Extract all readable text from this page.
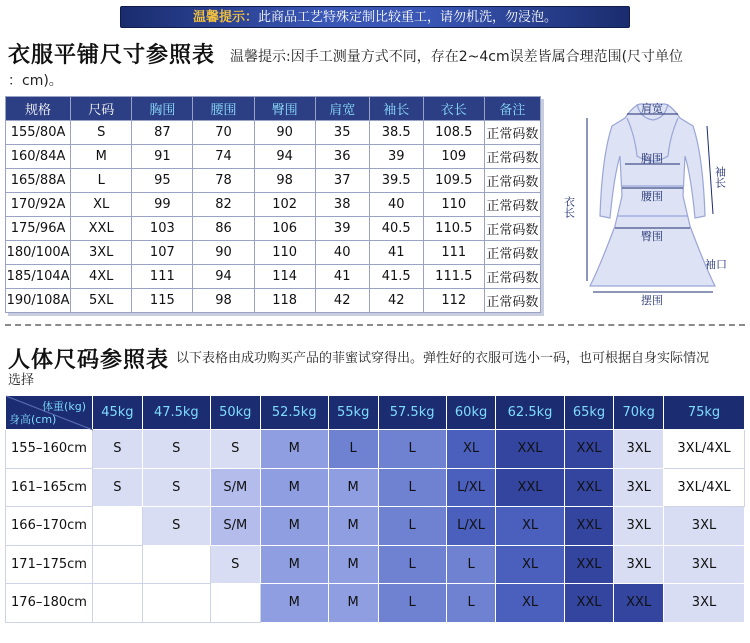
温馨提示：此商品工艺特殊定制比较重工，请勿机洗，勿浸泡。
衣服平铺尺寸参照表 温馨提示:因手工测量方式不同，存在2~4cm误差皆属合理范围(尺寸单位
：cm)。
规格	尺码	胸围	腰围	臀围	肩宽	袖长	衣长	备注
155/80A	S	87	70	90	35	38.5	108.5	正常码数
160/84A	M	91	74	94	36	39	109	正常码数
165/88A	L	95	78	98	37	39.5	109.5	正常码数
170/92A	XL	99	82	102	38	40	110	正常码数
175/96A	XXL	103	86	106	39	40.5	110.5	正常码数
180/100A	3XL	107	90	110	40	41	111	正常码数
185/104A	4XL	111	94	114	41	41.5	111.5	正常码数
190/108A	5XL	115	98	118	42	42	112	正常码数
肩宽
胸围
腰围
臀围
摆围
衣长
袖长
袖口
人体尺码参照表 以下表格由成功购买产品的菲蜜试穿得出。弹性好的衣服可选小一码，也可根据自身实际情况
选择
体重(kg)
身高(cm)	45kg	47.5kg	50kg	52.5kg	55kg	57.5kg	60kg	62.5kg	65kg	70kg	75kg
155–160cm	S	S	S	M	L	L	XL	XXL	XXL	3XL	3XL/4XL
161–165cm	S	S	S/M	M	M	L	L/XL	XXL	XXL	3XL	3XL/4XL
166–170cm		S	S/M	M	M	L	L/XL	XL	XXL	3XL	3XL
171–175cm			S	M	M	L	L	XL	XXL	3XL	3XL
176–180cm				M	M	L	L	XL	XXL	XXL	3XL
